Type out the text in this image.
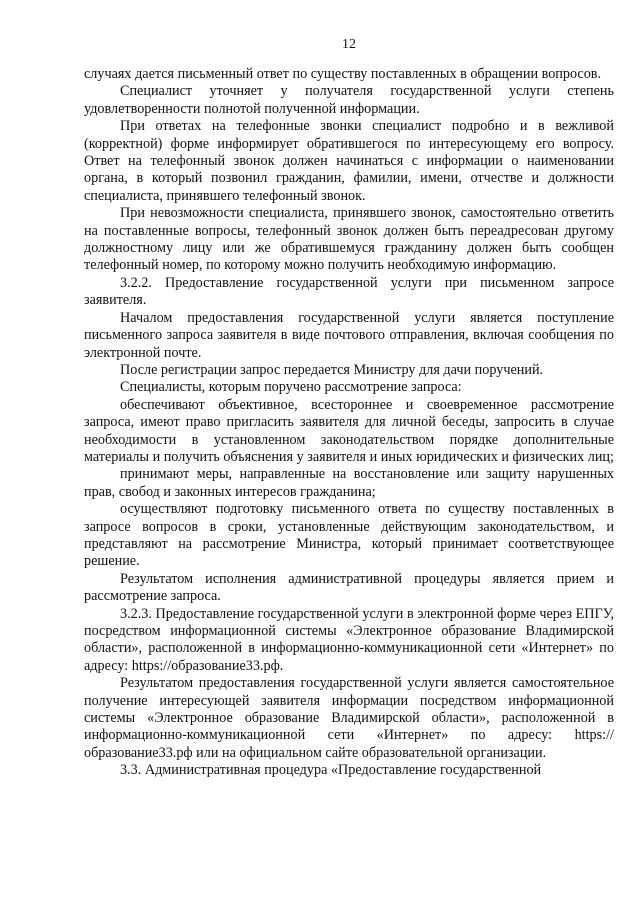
12

случаях дается письменный ответ по существу поставленных в обращении вопросов.

Специалист уточняет у получателя государственной услуги степень удовлетворенности полнотой полученной информации.

При ответах на телефонные звонки специалист подробно и в вежливой (корректной) форме информирует обратившегося по интересующему его вопросу. Ответ на телефонный звонок должен начинаться с информации о наименовании органа, в который позвонил гражданин, фамилии, имени, отчестве и должности специалиста, принявшего телефонный звонок.

При невозможности специалиста, принявшего звонок, самостоятельно ответить на поставленные вопросы, телефонный звонок должен быть переадресован другому должностному лицу или же обратившемуся гражданину должен быть сообщен телефонный номер, по которому можно получить необходимую информацию.

3.2.2. Предоставление государственной услуги при письменном запросе заявителя.

Началом предоставления государственной услуги является поступление письменного запроса заявителя в виде почтового отправления, включая сообщения по электронной почте.

После регистрации запрос передается Министру для дачи поручений.

Специалисты, которым поручено рассмотрение запроса:

обеспечивают объективное, всестороннее и своевременное рассмотрение запроса, имеют право пригласить заявителя для личной беседы, запросить в случае необходимости в установленном законодательством порядке дополнительные материалы и получить объяснения у заявителя и иных юридических и физических лиц;

принимают меры, направленные на восстановление или защиту нарушенных прав, свобод и законных интересов гражданина;

осуществляют подготовку письменного ответа по существу поставленных в запросе вопросов в сроки, установленные действующим законодательством, и представляют на рассмотрение Министра, который принимает соответствующее решение.

Результатом исполнения административной процедуры является прием и рассмотрение запроса.

3.2.3. Предоставление государственной услуги в электронной форме через ЕПГУ, посредством информационной системы «Электронное образование Владимирской области», расположенной в информационно-коммуникационной сети «Интернет» по адресу: https://образование33.рф.

Результатом предоставления государственной услуги является самостоятельное получение интересующей заявителя информации посредством информационной системы «Электронное образование Владимирской области», расположенной в информационно-коммуникационной сети «Интернет» по адресу: https://образование33.рф или на официальном сайте образовательной организации.

3.3. Административная процедура «Предоставление государственной
